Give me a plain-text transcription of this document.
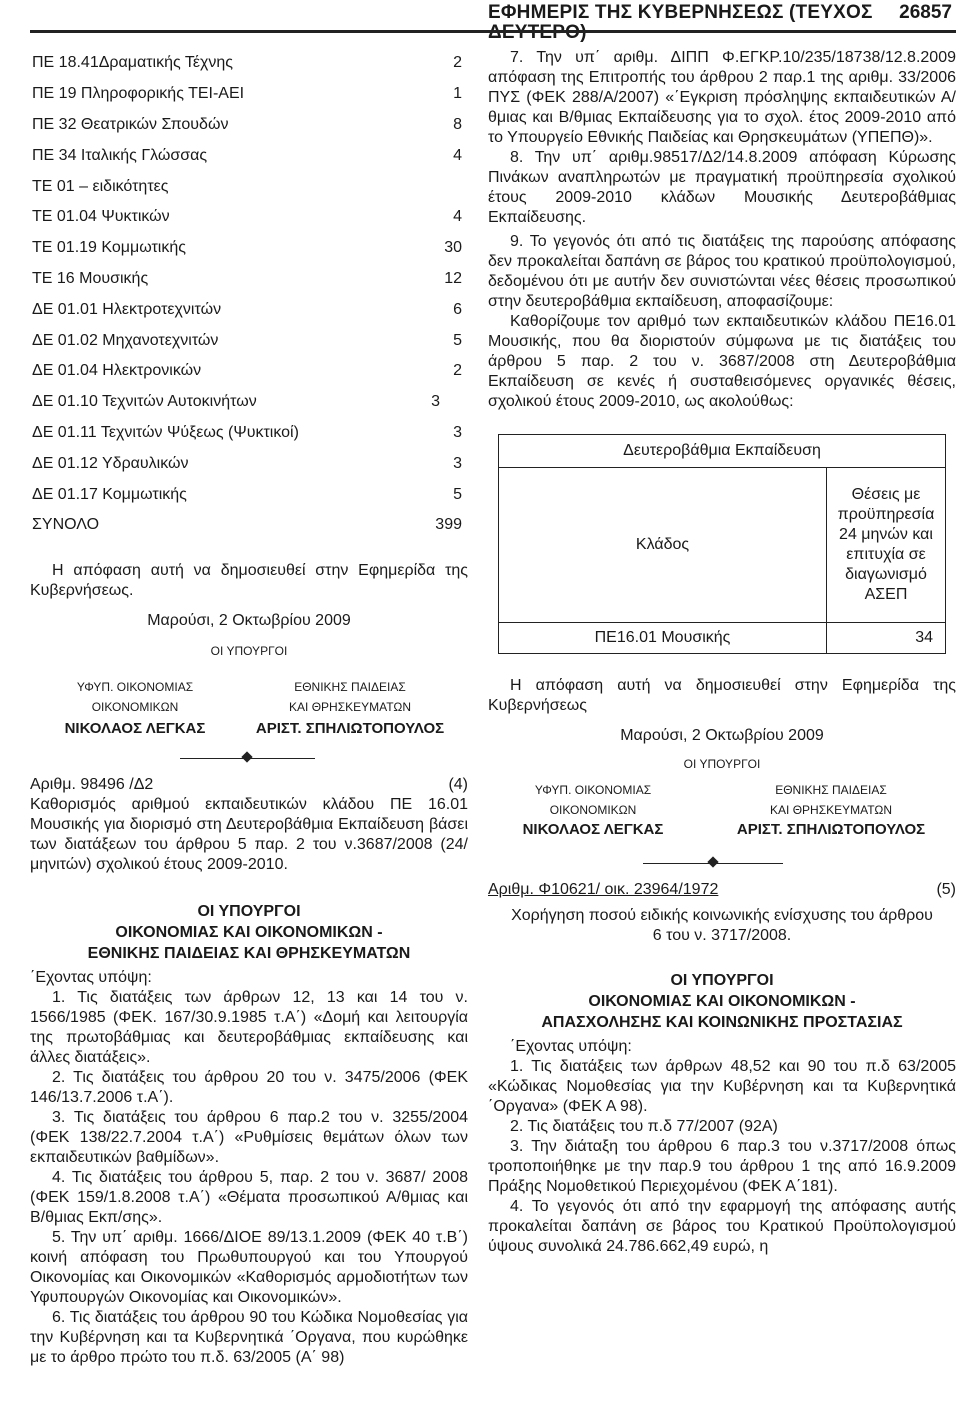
ΕΦΗΜΕΡΙΣ ΤΗΣ ΚΥΒΕΡΝΗΣΕΩΣ (ΤΕΥΧΟΣ ΔΕΥΤΕΡΟ)
26857
ΠΕ 18.41Δραματικής Τέχνης	2
ΠΕ 19 Πληροφορικής ΤΕΙ-ΑΕΙ	1
ΠΕ 32 Θεατρικών Σπουδών	8
ΠΕ 34 Ιταλικής Γλώσσας	4
ΤΕ 01 – ειδικότητες
ΤΕ 01.04 Ψυκτικών	4
ΤΕ 01.19 Κομμωτικής	30
ΤΕ 16 Μουσικής	12
ΔΕ 01.01 Ηλεκτροτεχνιτών	6
ΔΕ 01.02 Μηχανοτεχνιτών	5
ΔΕ 01.04 Ηλεκτρονικών	2
ΔΕ 01.10 Τεχνιτών Αυτοκινήτων	3
ΔΕ 01.11 Τεχνιτών Ψύξεως (Ψυκτικοί)	3
ΔΕ 01.12 Υδραυλικών	3
ΔΕ 01.17 Κομμωτικής	5
ΣΥΝΟΛΟ	399

Η απόφαση αυτή να δημοσιευθεί στην Εφημερίδα της Κυβερνήσεως.

Μαρούσι, 2 Οκτωβρίου 2009

ΟΙ ΥΠΟΥΡΓΟΙ
ΥΦΥΠ. ΟΙΚΟΝΟΜΙΑΣ
ΟΙΚΟΝΟΜΙΚΩΝ
ΕΘΝΙΚΗΣ ΠΑΙΔΕΙΑΣ
ΚΑΙ ΘΡΗΣΚΕΥΜΑΤΩΝ
ΝΙΚΟΛΑΟΣ ΛΕΓΚΑΣ	ΑΡΙΣΤ. ΣΠΗΛΙΩΤΟΠΟΥΛΟΣ
Αριθμ. 98496 /Δ2	(4)

Καθορισμός αριθμού εκπαιδευτικών κλάδου ΠΕ 16.01 Μουσικής για διορισμό στη Δευτεροβάθμια Εκπαίδευση βάσει των διατάξεων του άρθρου 5 παρ. 2 του ν.3687/2008 (24/μηνιτών) σχολικού έτους 2009-2010.

ΟΙ ΥΠΟΥΡΓΟΙ
ΟΙΚΟΝΟΜΙΑΣ ΚΑΙ ΟΙΚΟΝΟΜΙΚΩΝ -
ΕΘΝΙΚΗΣ ΠΑΙΔΕΙΑΣ ΚΑΙ ΘΡΗΣΚΕΥΜΑΤΩΝ

΄Εχοντας υπόψη:

1. Τις διατάξεις των άρθρων 12, 13 και 14 του ν. 1566/1985 (ΦΕΚ. 167/30.9.1985 τ.Α΄) «Δομή και λειτουργία της πρωτοβάθμιας και δευτεροβάθμιας εκπαίδευσης και άλλες διατάξεις».

2. Τις διατάξεις του άρθρου 20 του ν. 3475/2006 (ΦΕΚ 146/13.7.2006 τ.Α΄).

3. Τις διατάξεις του άρθρου 6 παρ.2 του ν. 3255/2004 (ΦΕΚ 138/22.7.2004 τ.Α΄) «Ρυθμίσεις θεμάτων όλων των εκπαιδευτικών βαθμίδων».

4. Τις διατάξεις του άρθρου 5, παρ. 2 του ν. 3687/ 2008 (ΦΕΚ 159/1.8.2008 τ.Α΄) «Θέματα προσωπικού Α/θμιας και Β/θμιας Εκπ/σης».

5. Την υπ΄ αριθμ. 1666/ΔΙΟΕ 89/13.1.2009 (ΦΕΚ 40 τ.Β΄) κοινή απόφαση του Πρωθυπουργού και του Υπουργού Οικονομίας και Οικονομικών «Καθορισμός αρμοδιοτήτων των Υφυπουργών Οικονομίας και Οικονομικών».

6. Τις διατάξεις του άρθρου 90 του Κώδικα Νομοθεσίας για την Κυβέρνηση και τα Κυβερνητικά ΄Οργανα, που κυρώθηκε με το άρθρο πρώτο του π.δ. 63/2005 (Α΄ 98)

7. Την υπ΄ αριθμ. ΔΙΠΠ Φ.ΕΓΚΡ.10/235/18738/12.8.2009 απόφαση της Επιτροπής του άρθρου 2 παρ.1 της αριθμ. 33/2006 ΠΥΣ (ΦΕΚ 288/Α/2007) «΄Εγκριση πρόσληψης εκπαιδευτικών Α/θμιας και Β/θμιας Εκπαίδευσης για το σχολ. έτος 2009-2010 από το Υπουργείο Εθνικής Παιδείας και Θρησκευμάτων (ΥΠΕΠΘ)».

8. Την υπ΄ αριθμ.98517/Δ2/14.8.2009 απόφαση Κύρωσης Πινάκων αναπληρωτών με πραγματική προϋπηρεσία σχολικού έτους 2009-2010 κλάδων Μουσικής Δευτεροβάθμιας Εκπαίδευσης.

9. Το γεγονός ότι από τις διατάξεις της παρούσης απόφασης δεν προκαλείται δαπάνη σε βάρος του κρατικού προϋπολογισμού, δεδομένου ότι με αυτήν δεν συνιστώνται νέες θέσεις προσωπικού στην δευτεροβάθμια εκπαίδευση, αποφασίζουμε:

Καθορίζουμε τον αριθμό των εκπαιδευτικών κλάδου ΠΕ16.01 Μουσικής, που θα διοριστούν σύμφωνα με τις διατάξεις του άρθρου 5 παρ. 2 του ν. 3687/2008 στη Δευτεροβάθμια Εκπαίδευση σε κενές ή συσταθεισόμενες οργανικές θέσεις, σχολικού έτους 2009-2010, ως ακολούθως:

Δευτεροβάθμια Εκπαίδευση	
Κλάδος	Θέσεις με προϋπηρεσία 24 μηνών και επιτυχία σε διαγωνισμό ΑΣΕΠ
ΠΕ16.01 Μουσικής	34

Η απόφαση αυτή να δημοσιευθεί στην Εφημερίδα της Κυβερνήσεως

Μαρούσι, 2 Οκτωβρίου 2009

ΟΙ ΥΠΟΥΡΓΟΙ
ΥΦΥΠ. ΟΙΚΟΝΟΜΙΑΣ
ΟΙΚΟΝΟΜΙΚΩΝ
ΕΘΝΙΚΗΣ ΠΑΙΔΕΙΑΣ
ΚΑΙ ΘΡΗΣΚΕΥΜΑΤΩΝ
ΝΙΚΟΛΑΟΣ ΛΕΓΚΑΣ	ΑΡΙΣΤ. ΣΠΗΛΙΩΤΟΠΟΥΛΟΣ
Αριθμ. Φ10621/ οικ. 23964/1972	(5)

Χορήγηση ποσού ειδικής κοινωνικής ενίσχυσης του άρθρου 6 του ν. 3717/2008.

ΟΙ ΥΠΟΥΡΓΟΙ
ΟΙΚΟΝΟΜΙΑΣ ΚΑΙ ΟΙΚΟΝΟΜΙΚΩΝ -
ΑΠΑΣΧΟΛΗΣΗΣ ΚΑΙ ΚΟΙΝΩΝΙΚΗΣ ΠΡΟΣΤΑΣΙΑΣ

΄Εχοντας υπόψη:

1. Τις διατάξεις των άρθρων 48,52 και 90 του π.δ 63/2005 «Κώδικας Νομοθεσίας για την Κυβέρνηση και τα Κυβερνητικά ΄Οργανα» (ΦΕΚ Α 98).

2. Τις διατάξεις του π.δ 77/2007 (92Α)

3. Την διάταξη του άρθρου 6 παρ.3 του ν.3717/2008 όπως τροποποιήθηκε με την παρ.9 του άρθρου 1 της από 16.9.2009 Πράξης Νομοθετικού Περιεχομένου (ΦΕΚ Α΄181).

4. Το γεγονός ότι από την εφαρμογή της απόφασης αυτής προκαλείται δαπάνη σε βάρος του Κρατικού Προϋπολογισμού ύψους συνολικά 24.786.662,49 ευρώ, η
